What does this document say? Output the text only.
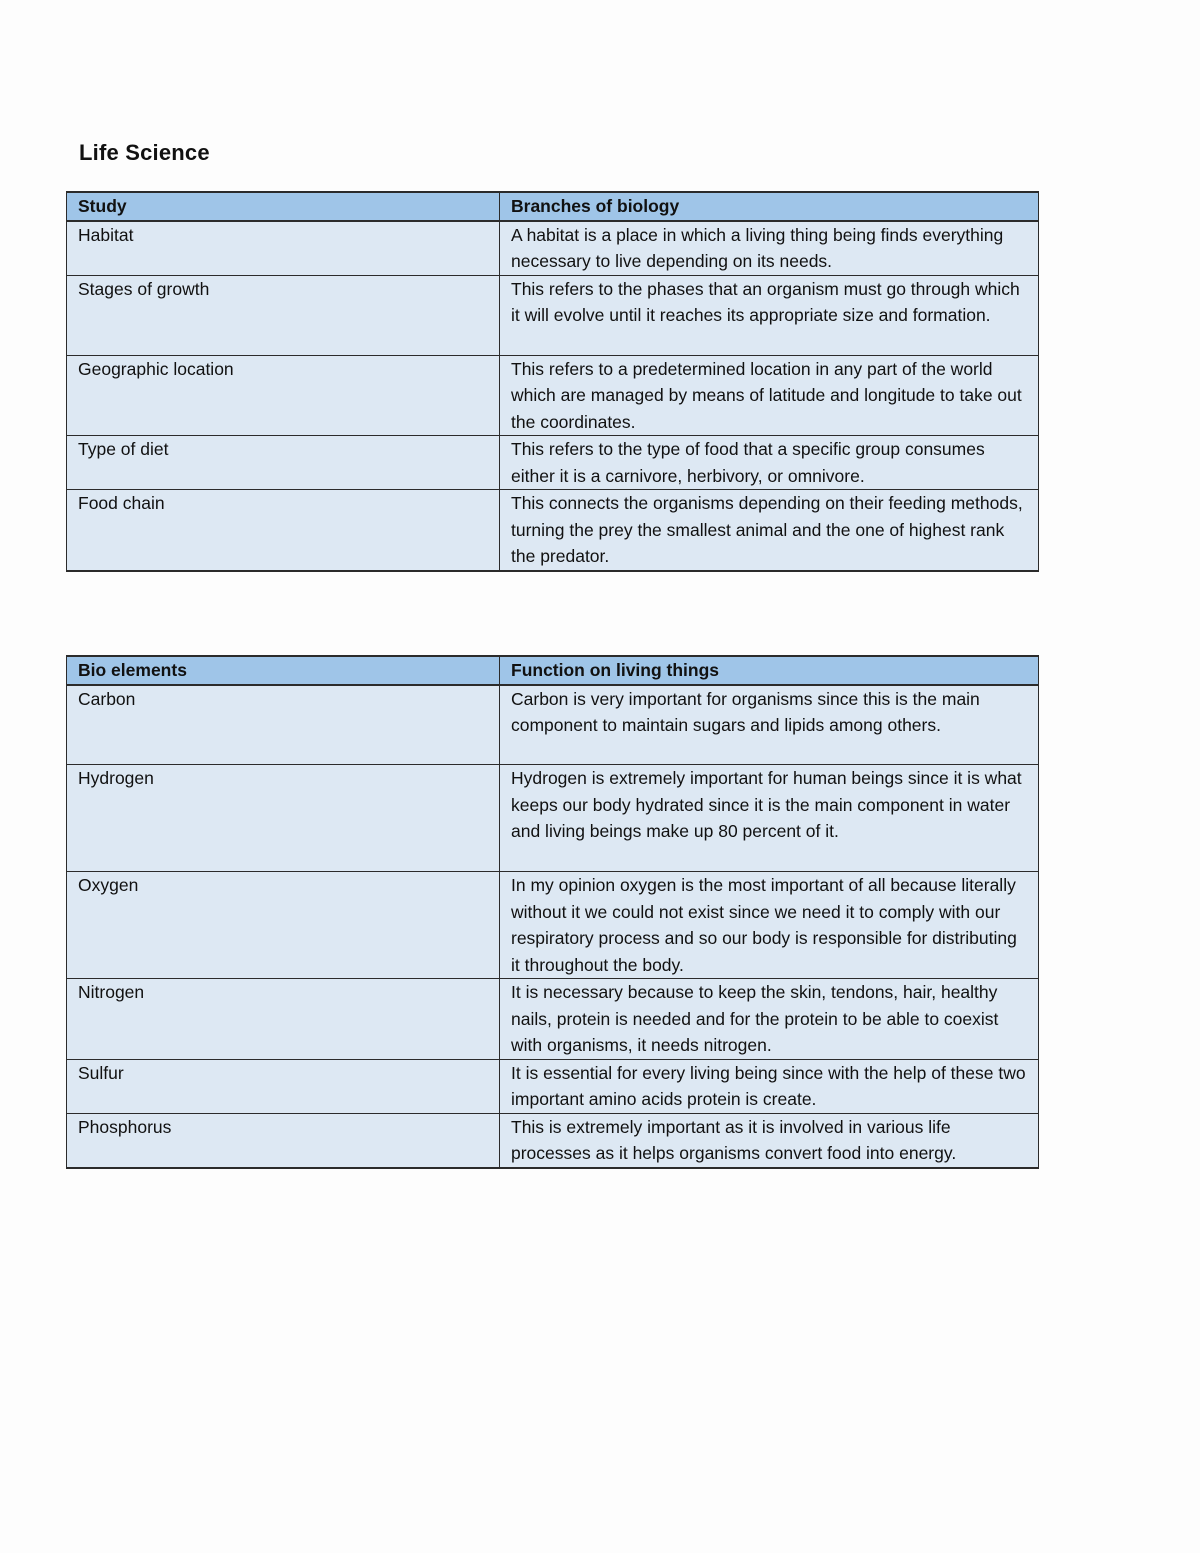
Life Science
Study	Branches of biology
Habitat	A habitat is a place in which a living thing being finds everything necessary to live depending on its needs.
Stages of growth	This refers to the phases that an organism must go through which it will evolve until it reaches its appropriate size and formation.
Geographic location	This refers to a predetermined location in any part of the world which are managed by means of latitude and longitude to take out the coordinates.
Type of diet	This refers to the type of food that a specific group consumes either it is a carnivore, herbivory, or omnivore.
Food chain	This connects the organisms depending on their feeding methods, turning the prey the smallest animal and the one of highest rank the predator.
Bio elements	Function on living things
Carbon	Carbon is very important for organisms since this is the main component to maintain sugars and lipids among others.
Hydrogen	Hydrogen is extremely important for human beings since it is what keeps our body hydrated since it is the main component in water and living beings make up 80 percent of it.
Oxygen	In my opinion oxygen is the most important of all because literally without it we could not exist since we need it to comply with our respiratory process and so our body is responsible for distributing it throughout the body.
Nitrogen	It is necessary because to keep the skin, tendons, hair, healthy nails, protein is needed and for the protein to be able to coexist with organisms, it needs nitrogen.
Sulfur	It is essential for every living being since with the help of these two important amino acids protein is create.
Phosphorus	This is extremely important as it is involved in various life processes as it helps organisms convert food into energy.
